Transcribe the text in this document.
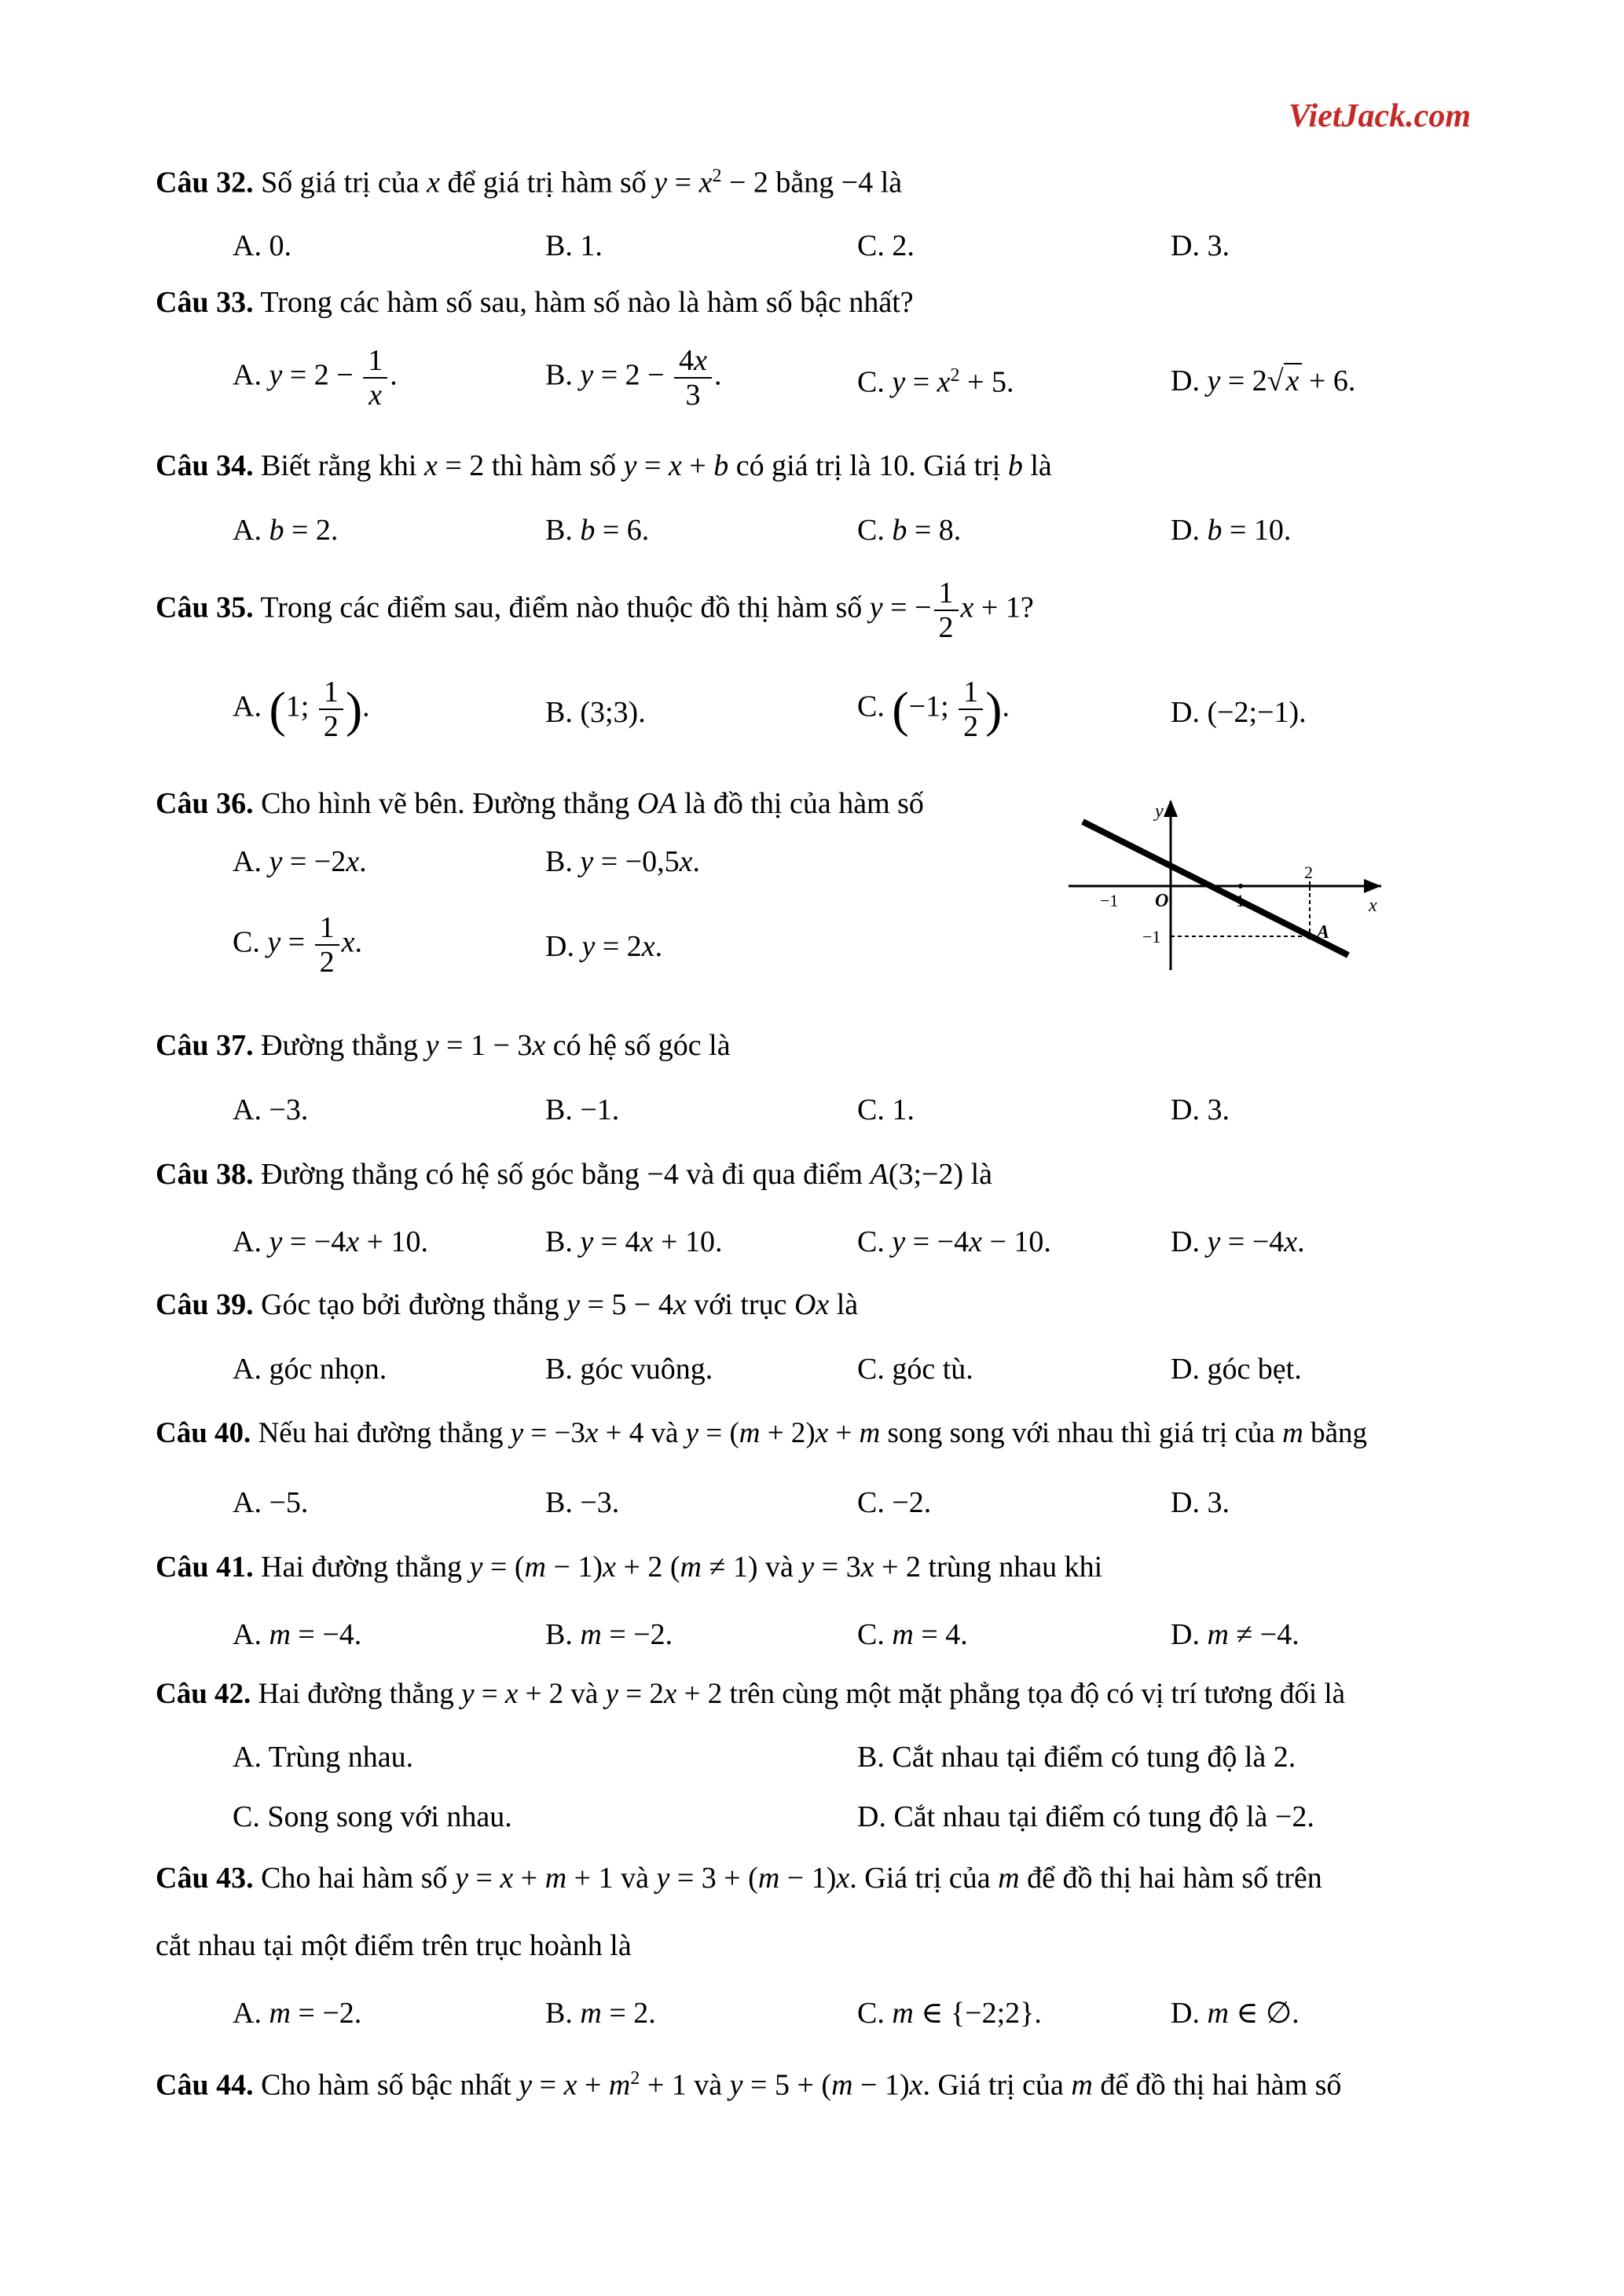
VietJack.com
Câu 32. Số giá trị của x để giá trị hàm số $y = x^2 - 2$ bằng −4 là
A. 0.	B. 1.	C. 2.	D. 3.
Câu 33. Trong các hàm số sau, hàm số nào là hàm số bậc nhất?
A. $y = 2 - \frac{1}{x}$ .	B. $y = 2 - \frac{4x}{3}$ .	C. $y = x^2 + 5$.	D. y = 2√x + 6.
Câu 34. Biết rằng khi x = 2 thì hàm số y = x + b có giá trị là 10. Giá trị b là
A. b = 2.	B. b = 6.	C. b = 8.	D. b = 10.
Câu 35. Trong các điểm sau, điểm nào thuộc đồ thị hàm số y = − $\frac{1}{2}$ x + 1?
A. (1; $\frac{1}{2}$ ).	B. (3;3).	C. (−1; $\frac{1}{2}$ ).	D. (−2;−1).
Câu 36. Cho hình vẽ bên. Đường thẳng OA là đồ thị của hàm số
A. y = −2x.	B. y = −0,5x.
C. $y = \frac{1}{2} x$.	D. y = 2x.
O
y
x
−1	1
2
−1	A
Câu 37. Đường thẳng y = 1 − 3x có hệ số góc là
A. −3.	B. −1.	C. 1.	D. 3.
Câu 38. Đường thẳng có hệ số góc bằng −4 và đi qua điểm A(3;−2) là
A. y = −4x + 10.	B. y = 4x + 10.	C. y = −4x − 10.	D. y = −4x.
Câu 39. Góc tạo bởi đường thẳng y = 5 − 4x với trục Ox là
A. góc nhọn.	B. góc vuông.	C. góc tù.	D. góc bẹt.
Câu 40. Nếu hai đường thẳng y = −3x + 4 và y = (m + 2)x + m song song với nhau thì giá trị của m bằng
A. −5.	B. −3.	C. −2.	D. 3.
Câu 41. Hai đường thẳng y = (m − 1)x + 2 (m ≠ 1) và y = 3x + 2 trùng nhau khi
A. m = −4.	B. m = −2.	C. m = 4.	D. m ≠ −4.
Câu 42. Hai đường thẳng y = x + 2 và y = 2x + 2 trên cùng một mặt phẳng tọa độ có vị trí tương đối là
A. Trùng nhau.	B. Cắt nhau tại điểm có tung độ là 2.
C. Song song với nhau.	D. Cắt nhau tại điểm có tung độ là −2.
Câu 43. Cho hai hàm số y = x + m + 1 và y = 3 + (m − 1)x. Giá trị của m để đồ thị hai hàm số trên
cắt nhau tại một điểm trên trục hoành là
A. m = −2.	B. m = 2.	C. m ∈ {−2;2}.	D. m ∈ ∅.
Câu 44. Cho hàm số bậc nhất $y = x + m^2 + 1$ và y = 5 + (m − 1)x. Giá trị của m để đồ thị hai hàm số
